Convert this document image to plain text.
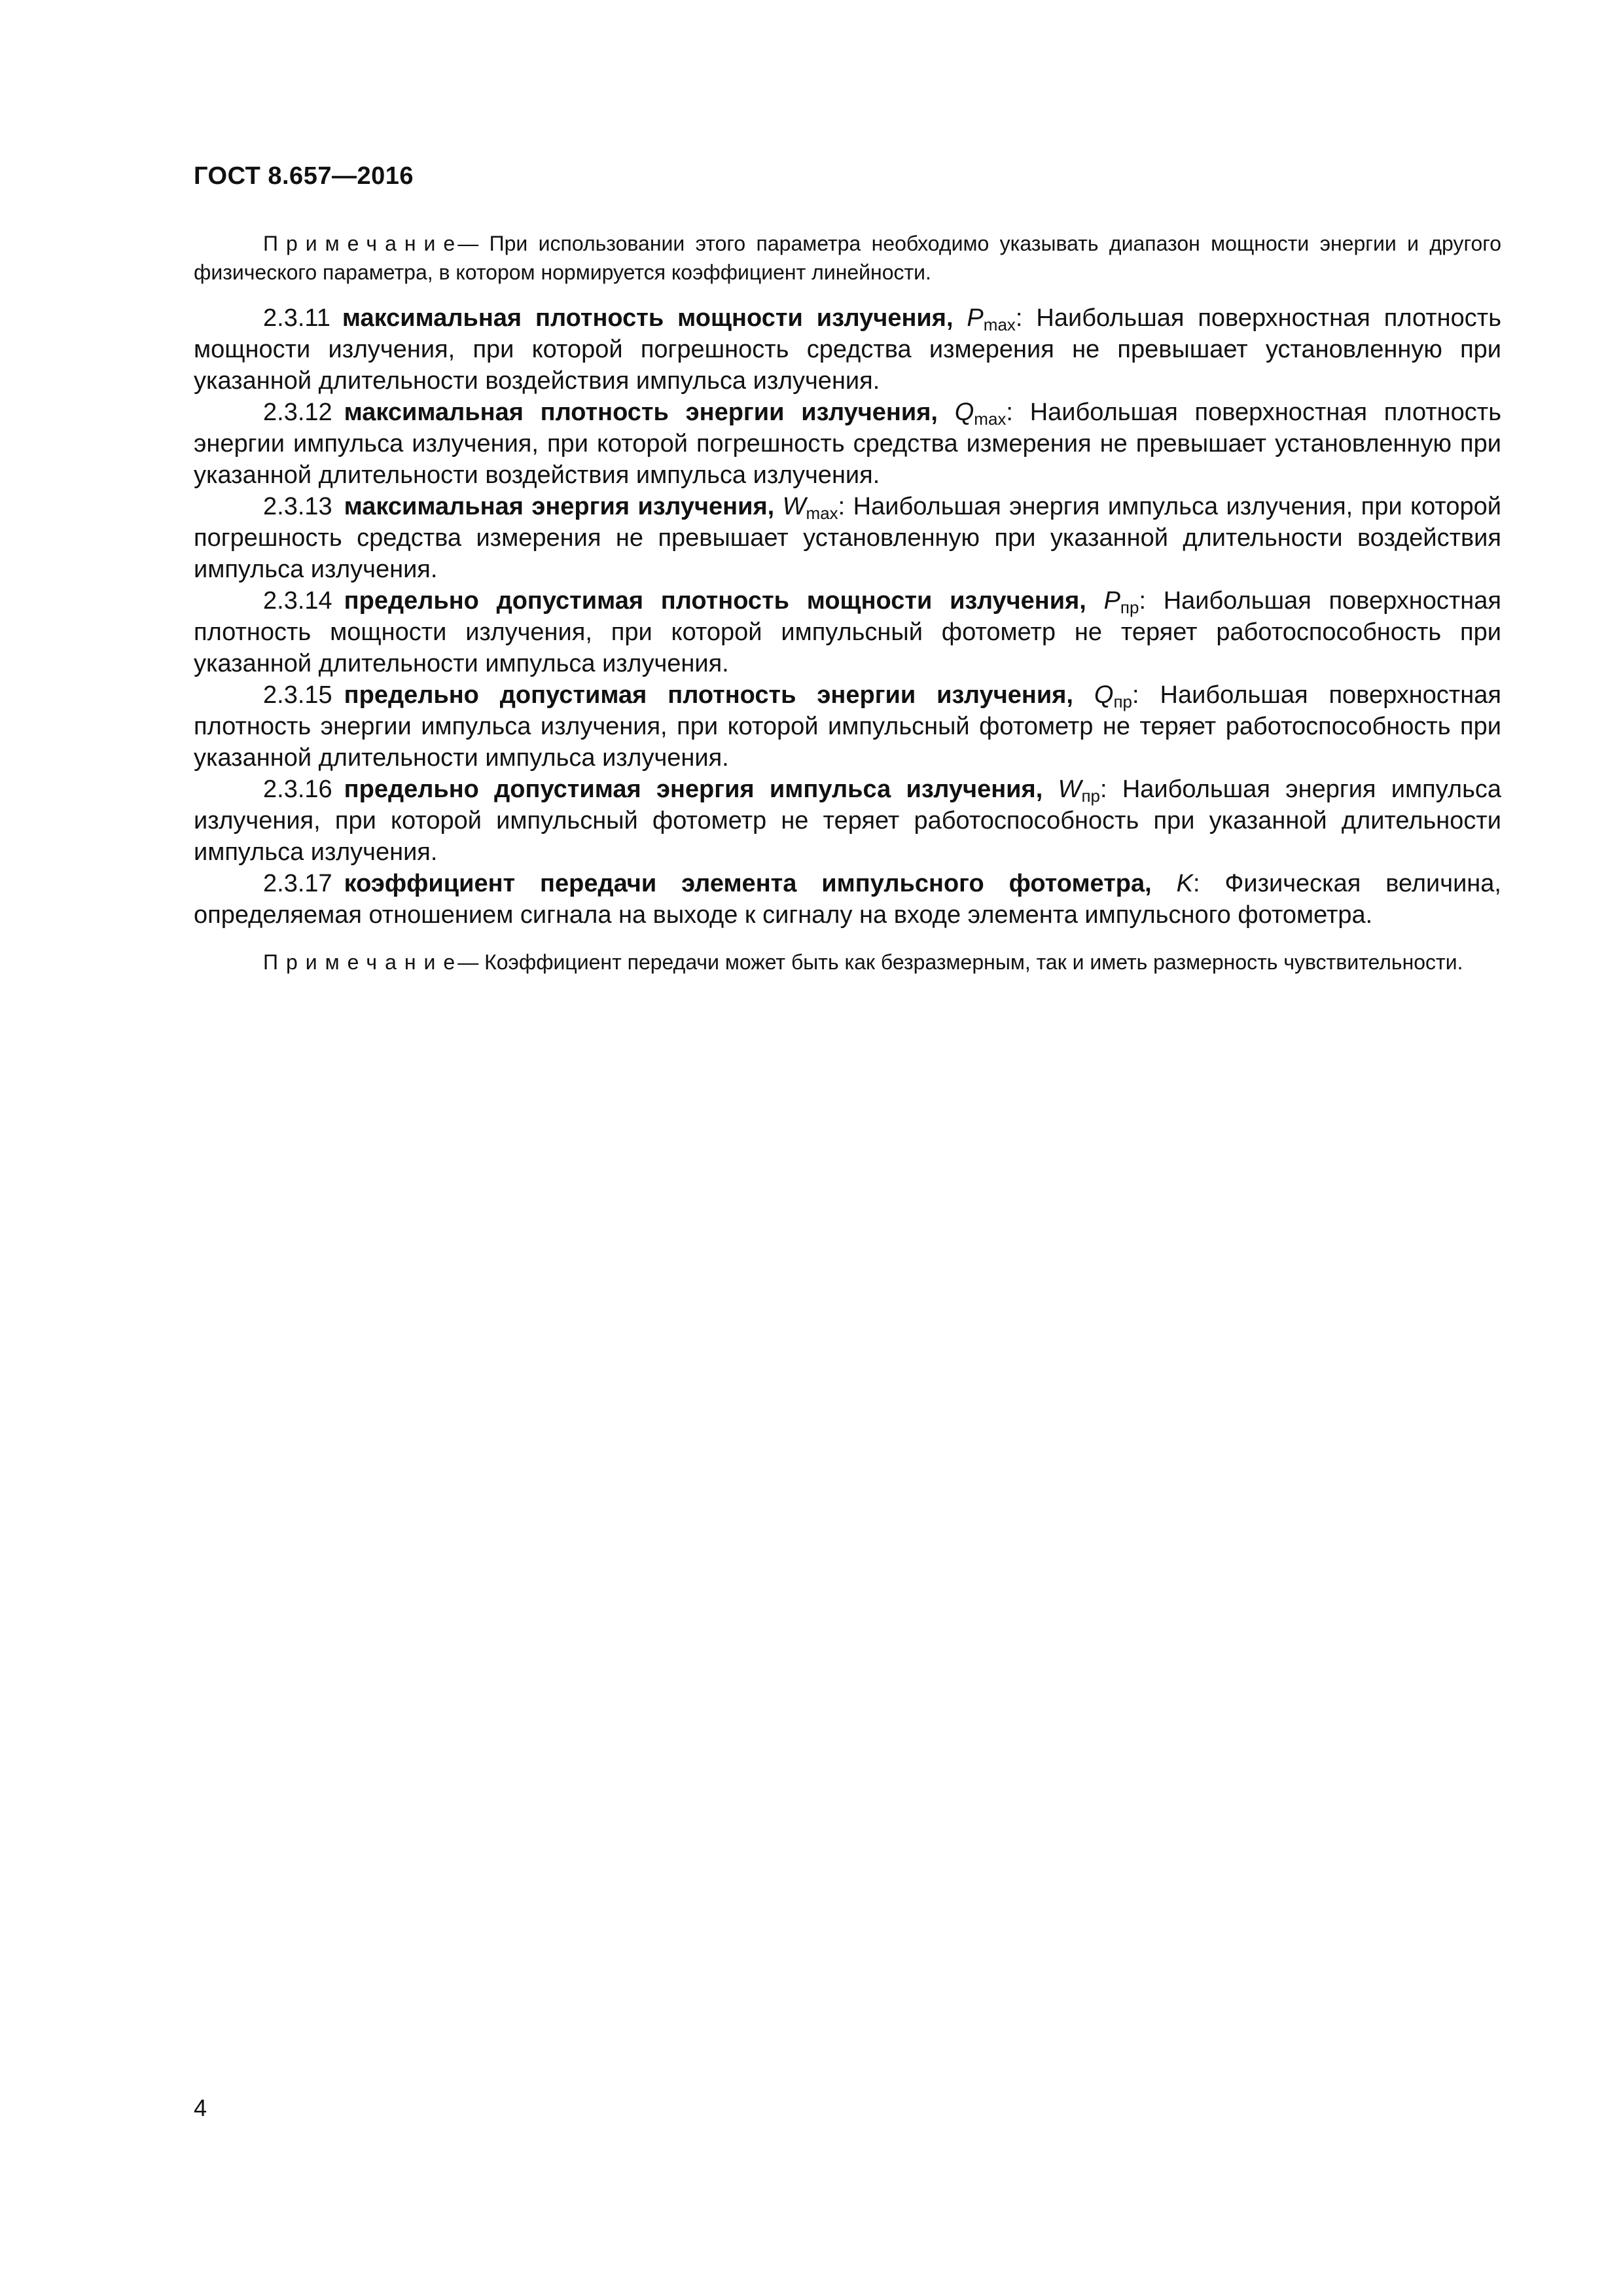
ГОСТ 8.657—2016

Примечание— При использовании этого параметра необходимо указывать диапазон мощности энергии и другого физического параметра, в котором нормируется коэффициент линейности.

2.3.11 максимальная плотность мощности излучения, $P_{max}$: Наибольшая поверхностная плотность мощности излучения, при которой погрешность средства измерения не превышает установленную при указанной длительности воздействия импульса излучения.

2.3.12 максимальная плотность энергии излучения, $Q_{max}$: Наибольшая поверхностная плотность энергии импульса излучения, при которой погрешность средства измерения не превышает установленную при указанной длительности воздействия импульса излучения.

2.3.13 максимальная энергия излучения, $W_{max}$: Наибольшая энергия импульса излучения, при которой погрешность средства измерения не превышает установленную при указанной длительности воздействия импульса излучения.

2.3.14 предельно допустимая плотность мощности излучения, $P_{пр}$: Наибольшая поверхностная плотность мощности излучения, при которой импульсный фотометр не теряет работоспособность при указанной длительности импульса излучения.

2.3.15 предельно допустимая плотность энергии излучения, $Q_{пр}$: Наибольшая поверхностная плотность энергии импульса излучения, при которой импульсный фотометр не теряет работоспособность при указанной длительности импульса излучения.

2.3.16 предельно допустимая энергия импульса излучения, $W_{пр}$: Наибольшая энергия импульса излучения, при которой импульсный фотометр не теряет работоспособность при указанной длительности импульса излучения.

2.3.17 коэффициент передачи элемента импульсного фотометра, K: Физическая величина, определяемая отношением сигнала на выходе к сигналу на входе элемента импульсного фотометра.

Примечание— Коэффициент передачи может быть как безразмерным, так и иметь размерность чувствительности.

4
